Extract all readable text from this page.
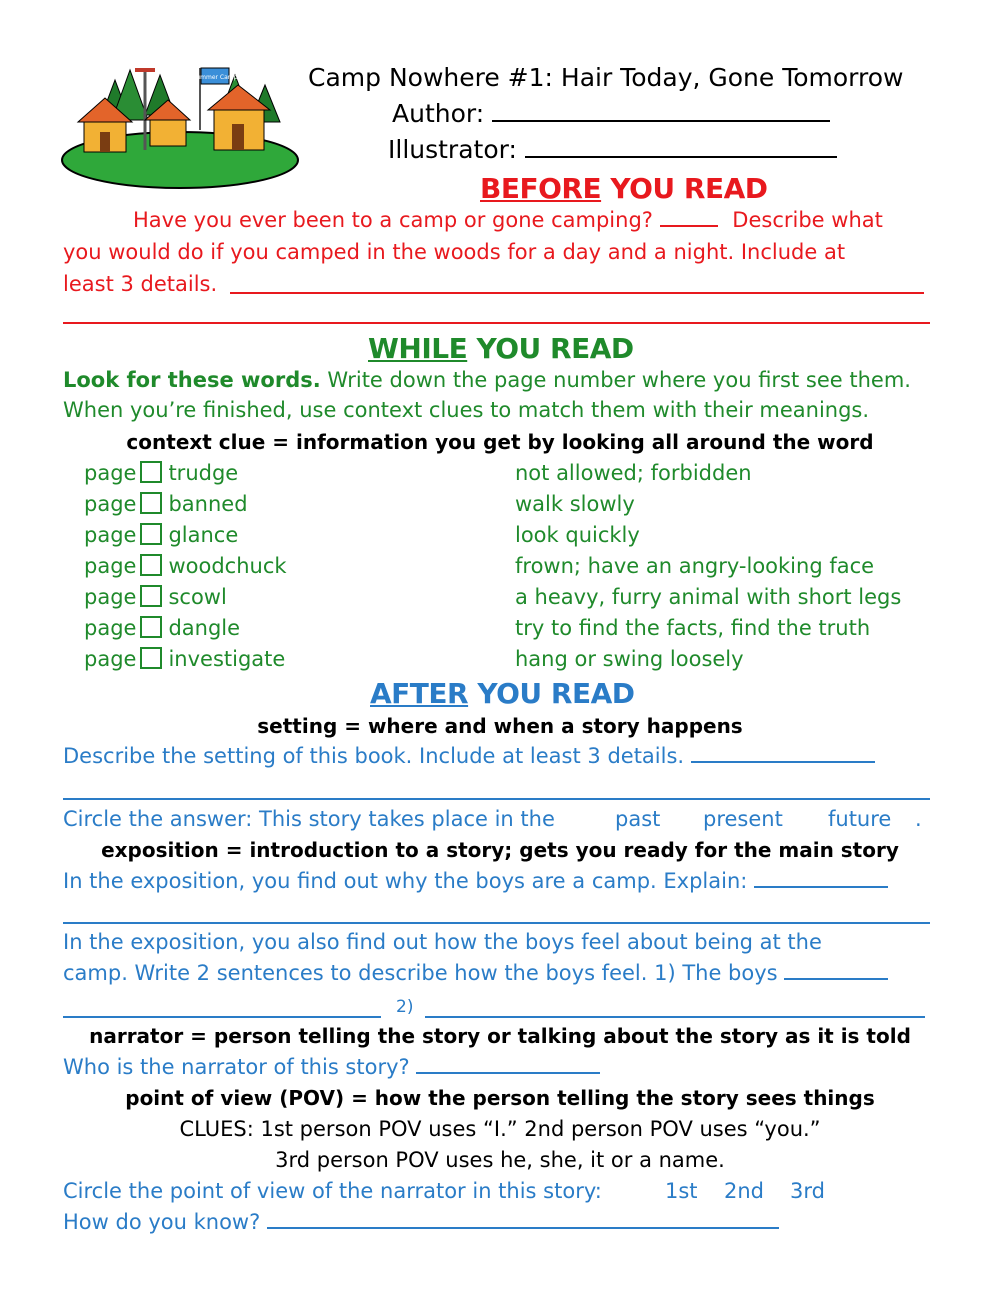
Summer Camp	Camp Nowhere #1: Hair Today, Gone Tomorrow
Author:
Illustrator:
BEFORE YOU READ
Have you ever been to a camp or gone camping?	Describe what
you would do if you camped in the woods for a day and a night. Include at
least 3 details.
WHILE YOU READ
Look for these words. Write down the page number where you first see them.
When you’re finished, use context clues to match them with their meanings.
context clue = information you get by looking all around the word
page trudge	not allowed; forbidden
page banned	walk slowly
page glance	look quickly
page woodchuck	frown; have an angry-looking face
page scowl	a heavy, furry animal with short legs
page dangle	try to find the facts, find the truth
page investigate	hang or swing loosely
AFTER YOU READ
setting = where and when a story happens
Describe the setting of this book. Include at least 3 details.
Circle the answer: This story takes place in the	past present future .
exposition = introduction to a story; gets you ready for the main story
In the exposition, you find out why the boys are a camp. Explain:
In the exposition, you also find out how the boys feel about being at the
camp. Write 2 sentences to describe how the boys feel. 1) The boys
2)
narrator = person telling the story or talking about the story as it is told
Who is the narrator of this story?
point of view (POV) = how the person telling the story sees things
CLUES: 1st person POV uses “I.” 2nd person POV uses “you.”
3rd person POV uses he, she, it or a name.
Circle the point of view of the narrator in this story:	1st 2nd 3rd
How do you know?
